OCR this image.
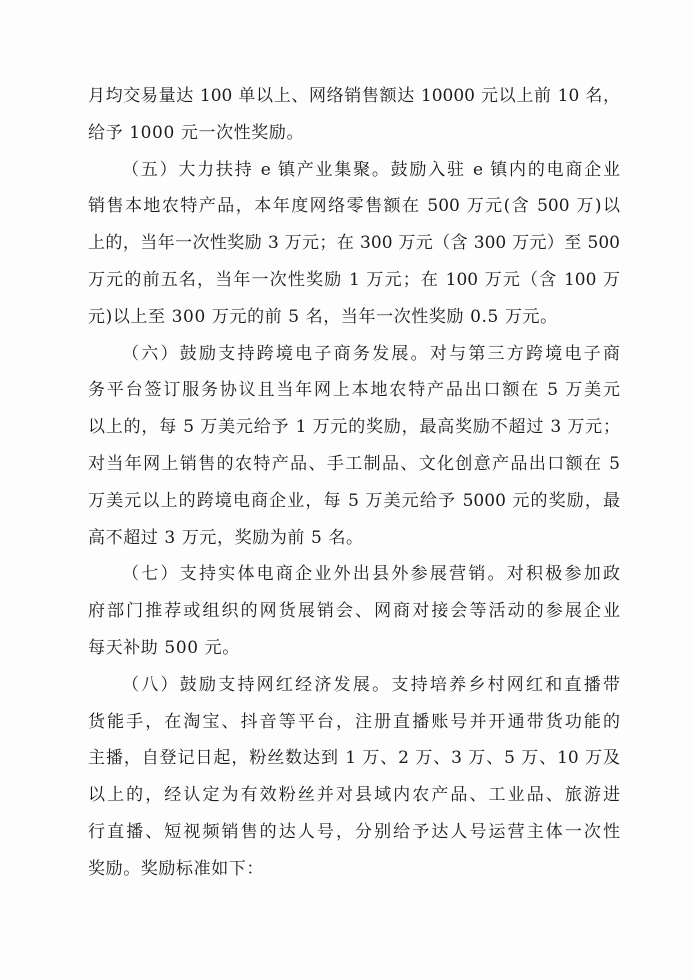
月均交易量达 100 单以上、网络销售额达 10000 元以上前 10 名，
给予 1000 元一次性奖励。
（五）大力扶持 e 镇产业集聚。鼓励入驻 e 镇内的电商企业
销售本地农特产品，本年度网络零售额在 500 万元(含 500 万)以
上的，当年一次性奖励 3 万元；在 300 万元（含 300 万元）至 500
万元的前五名，当年一次性奖励 1 万元；在 100 万元（含 100 万
元)以上至 300 万元的前 5 名，当年一次性奖励 0.5 万元。
（六）鼓励支持跨境电子商务发展。对与第三方跨境电子商
务平台签订服务协议且当年网上本地农特产品出口额在 5 万美元
以上的，每 5 万美元给予 1 万元的奖励，最高奖励不超过 3 万元；
对当年网上销售的农特产品、手工制品、文化创意产品出口额在 5
万美元以上的跨境电商企业，每 5 万美元给予 5000 元的奖励，最
高不超过 3 万元，奖励为前 5 名。
（七）支持实体电商企业外出县外参展营销。对积极参加政
府部门推荐或组织的网货展销会、网商对接会等活动的参展企业
每天补助 500 元。
（八）鼓励支持网红经济发展。支持培养乡村网红和直播带
货能手，在淘宝、抖音等平台，注册直播账号并开通带货功能的
主播，自登记日起，粉丝数达到 1 万、2 万、3 万、5 万、10 万及
以上的，经认定为有效粉丝并对县域内农产品、工业品、旅游进
行直播、短视频销售的达人号，分别给予达人号运营主体一次性
奖励。奖励标准如下：
